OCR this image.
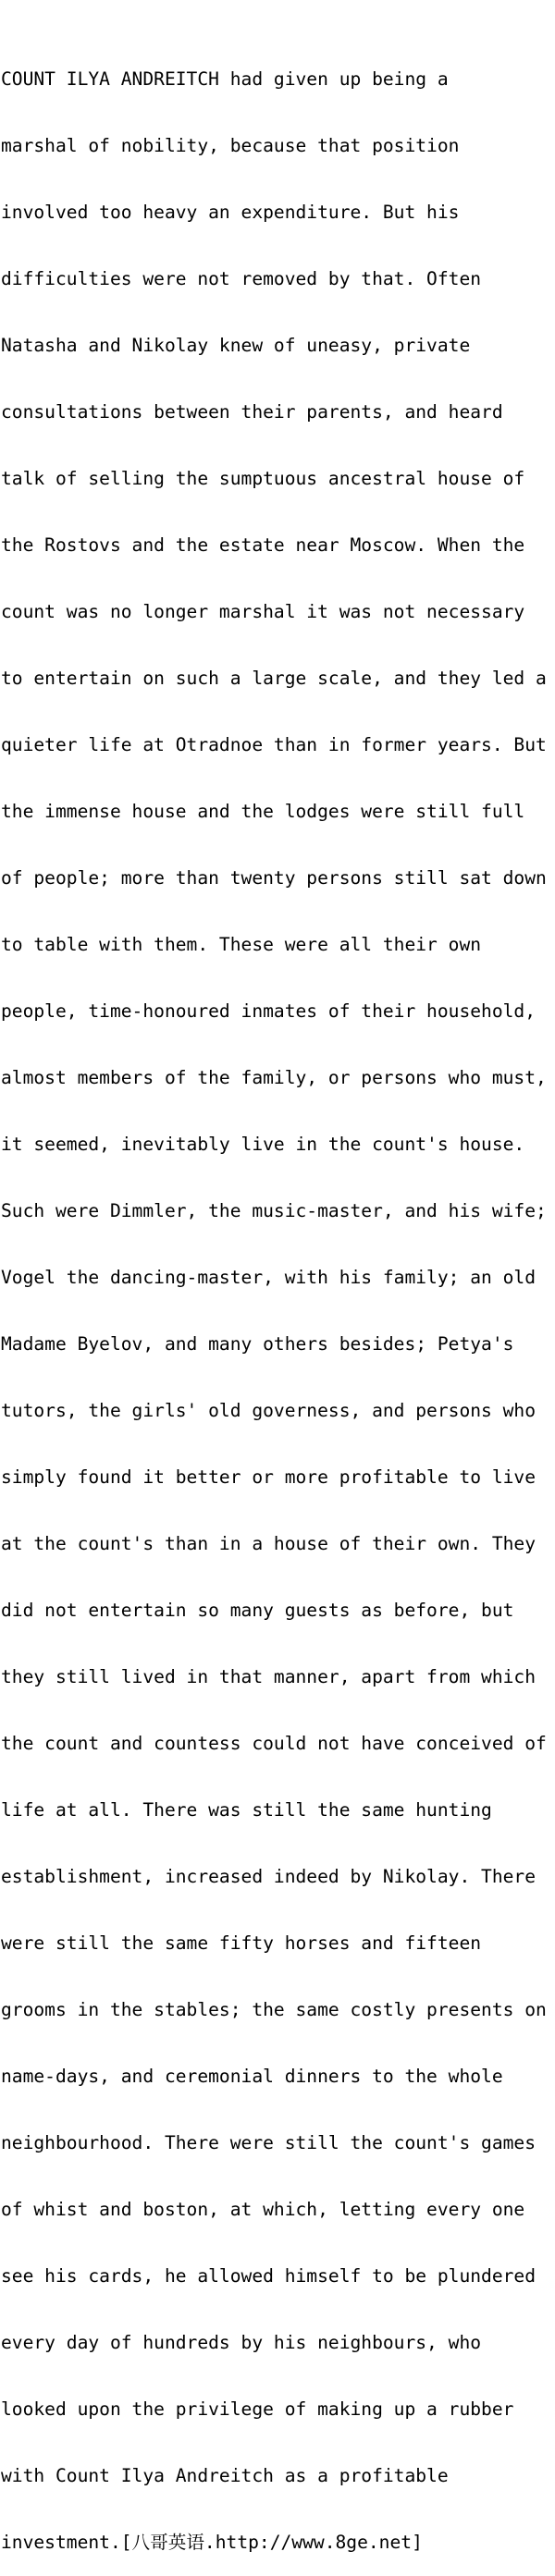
COUNT ILYA ANDREITCH had given up being a

marshal of nobility, because that position

involved too heavy an expenditure. But his

difficulties were not removed by that. Often

Natasha and Nikolay knew of uneasy, private

consultations between their parents, and heard

talk of selling the sumptuous ancestral house of

the Rostovs and the estate near Moscow. When the

count was no longer marshal it was not necessary

to entertain on such a large scale, and they led a

quieter life at Otradnoe than in former years. But

the immense house and the lodges were still full

of people; more than twenty persons still sat down

to table with them. These were all their own

people, time-honoured inmates of their household,

almost members of the family, or persons who must,

it seemed, inevitably live in the count's house.

Such were Dimmler, the music-master, and his wife;

Vogel the dancing-master, with his family; an old

Madame Byelov, and many others besides; Petya's

tutors, the girls' old governess, and persons who

simply found it better or more profitable to live

at the count's than in a house of their own. They

did not entertain so many guests as before, but

they still lived in that manner, apart from which

the count and countess could not have conceived of

life at all. There was still the same hunting

establishment, increased indeed by Nikolay. There

were still the same fifty horses and fifteen

grooms in the stables; the same costly presents on

name-days, and ceremonial dinners to the whole

neighbourhood. There were still the count's games

of whist and boston, at which, letting every one

see his cards, he allowed himself to be plundered

every day of hundreds by his neighbours, who

looked upon the privilege of making up a rubber

with Count Ilya Andreitch as a profitable

investment.[八哥英语.http://www.8ge.net]
